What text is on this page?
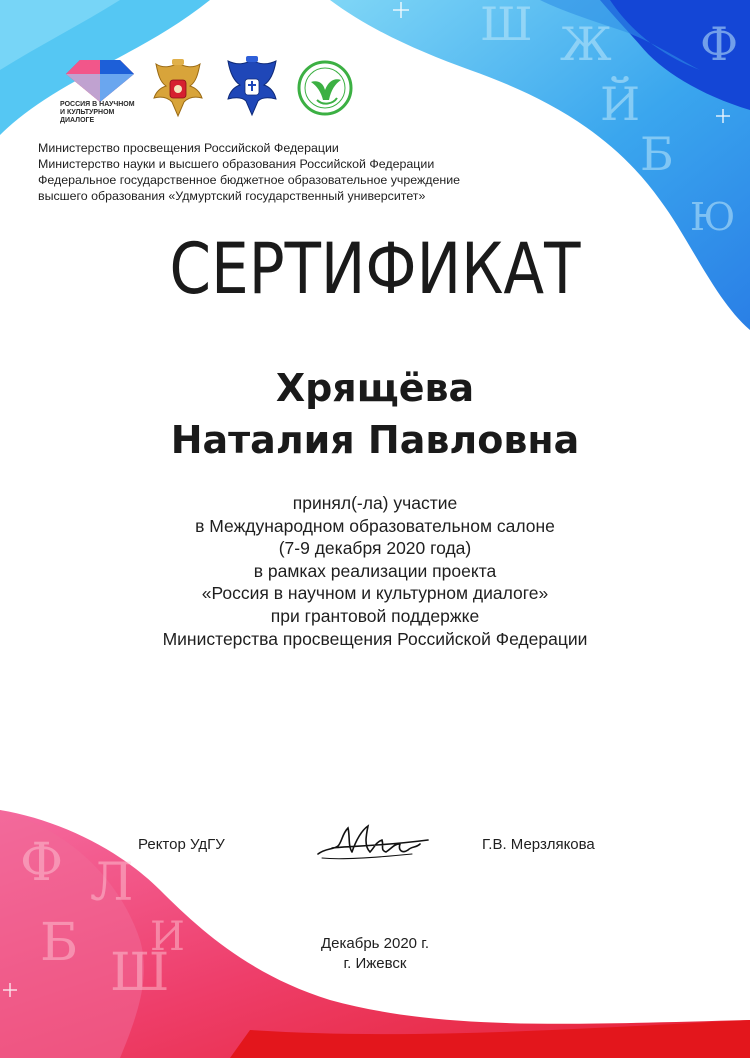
Ш Ж
Б
Й
Ф
Ю
Ф Л
Б Ш
И
РОССИЯ В НАУЧНОМ
И КУЛЬТУРНОМ ДИАЛОГЕ
Министерство просвещения Российской Федерации
Министерство науки и высшего образования Российской Федерации
Федеральное государственное бюджетное образовательное учреждение
высшего образования «Удмуртский государственный университет»
СЕРТИФИКАТ
Хрящёва
Наталия Павловна
принял(-ла) участие
в Международном образовательном салоне
(7-9 декабря 2020 года)
в рамках реализации проекта
«Россия в научном и культурном диалоге»
при грантовой поддержке
Министерства просвещения Российской Федерации
Ректор УдГУ	Г.В. Мерзлякова
Декабрь 2020 г.
г. Ижевск
